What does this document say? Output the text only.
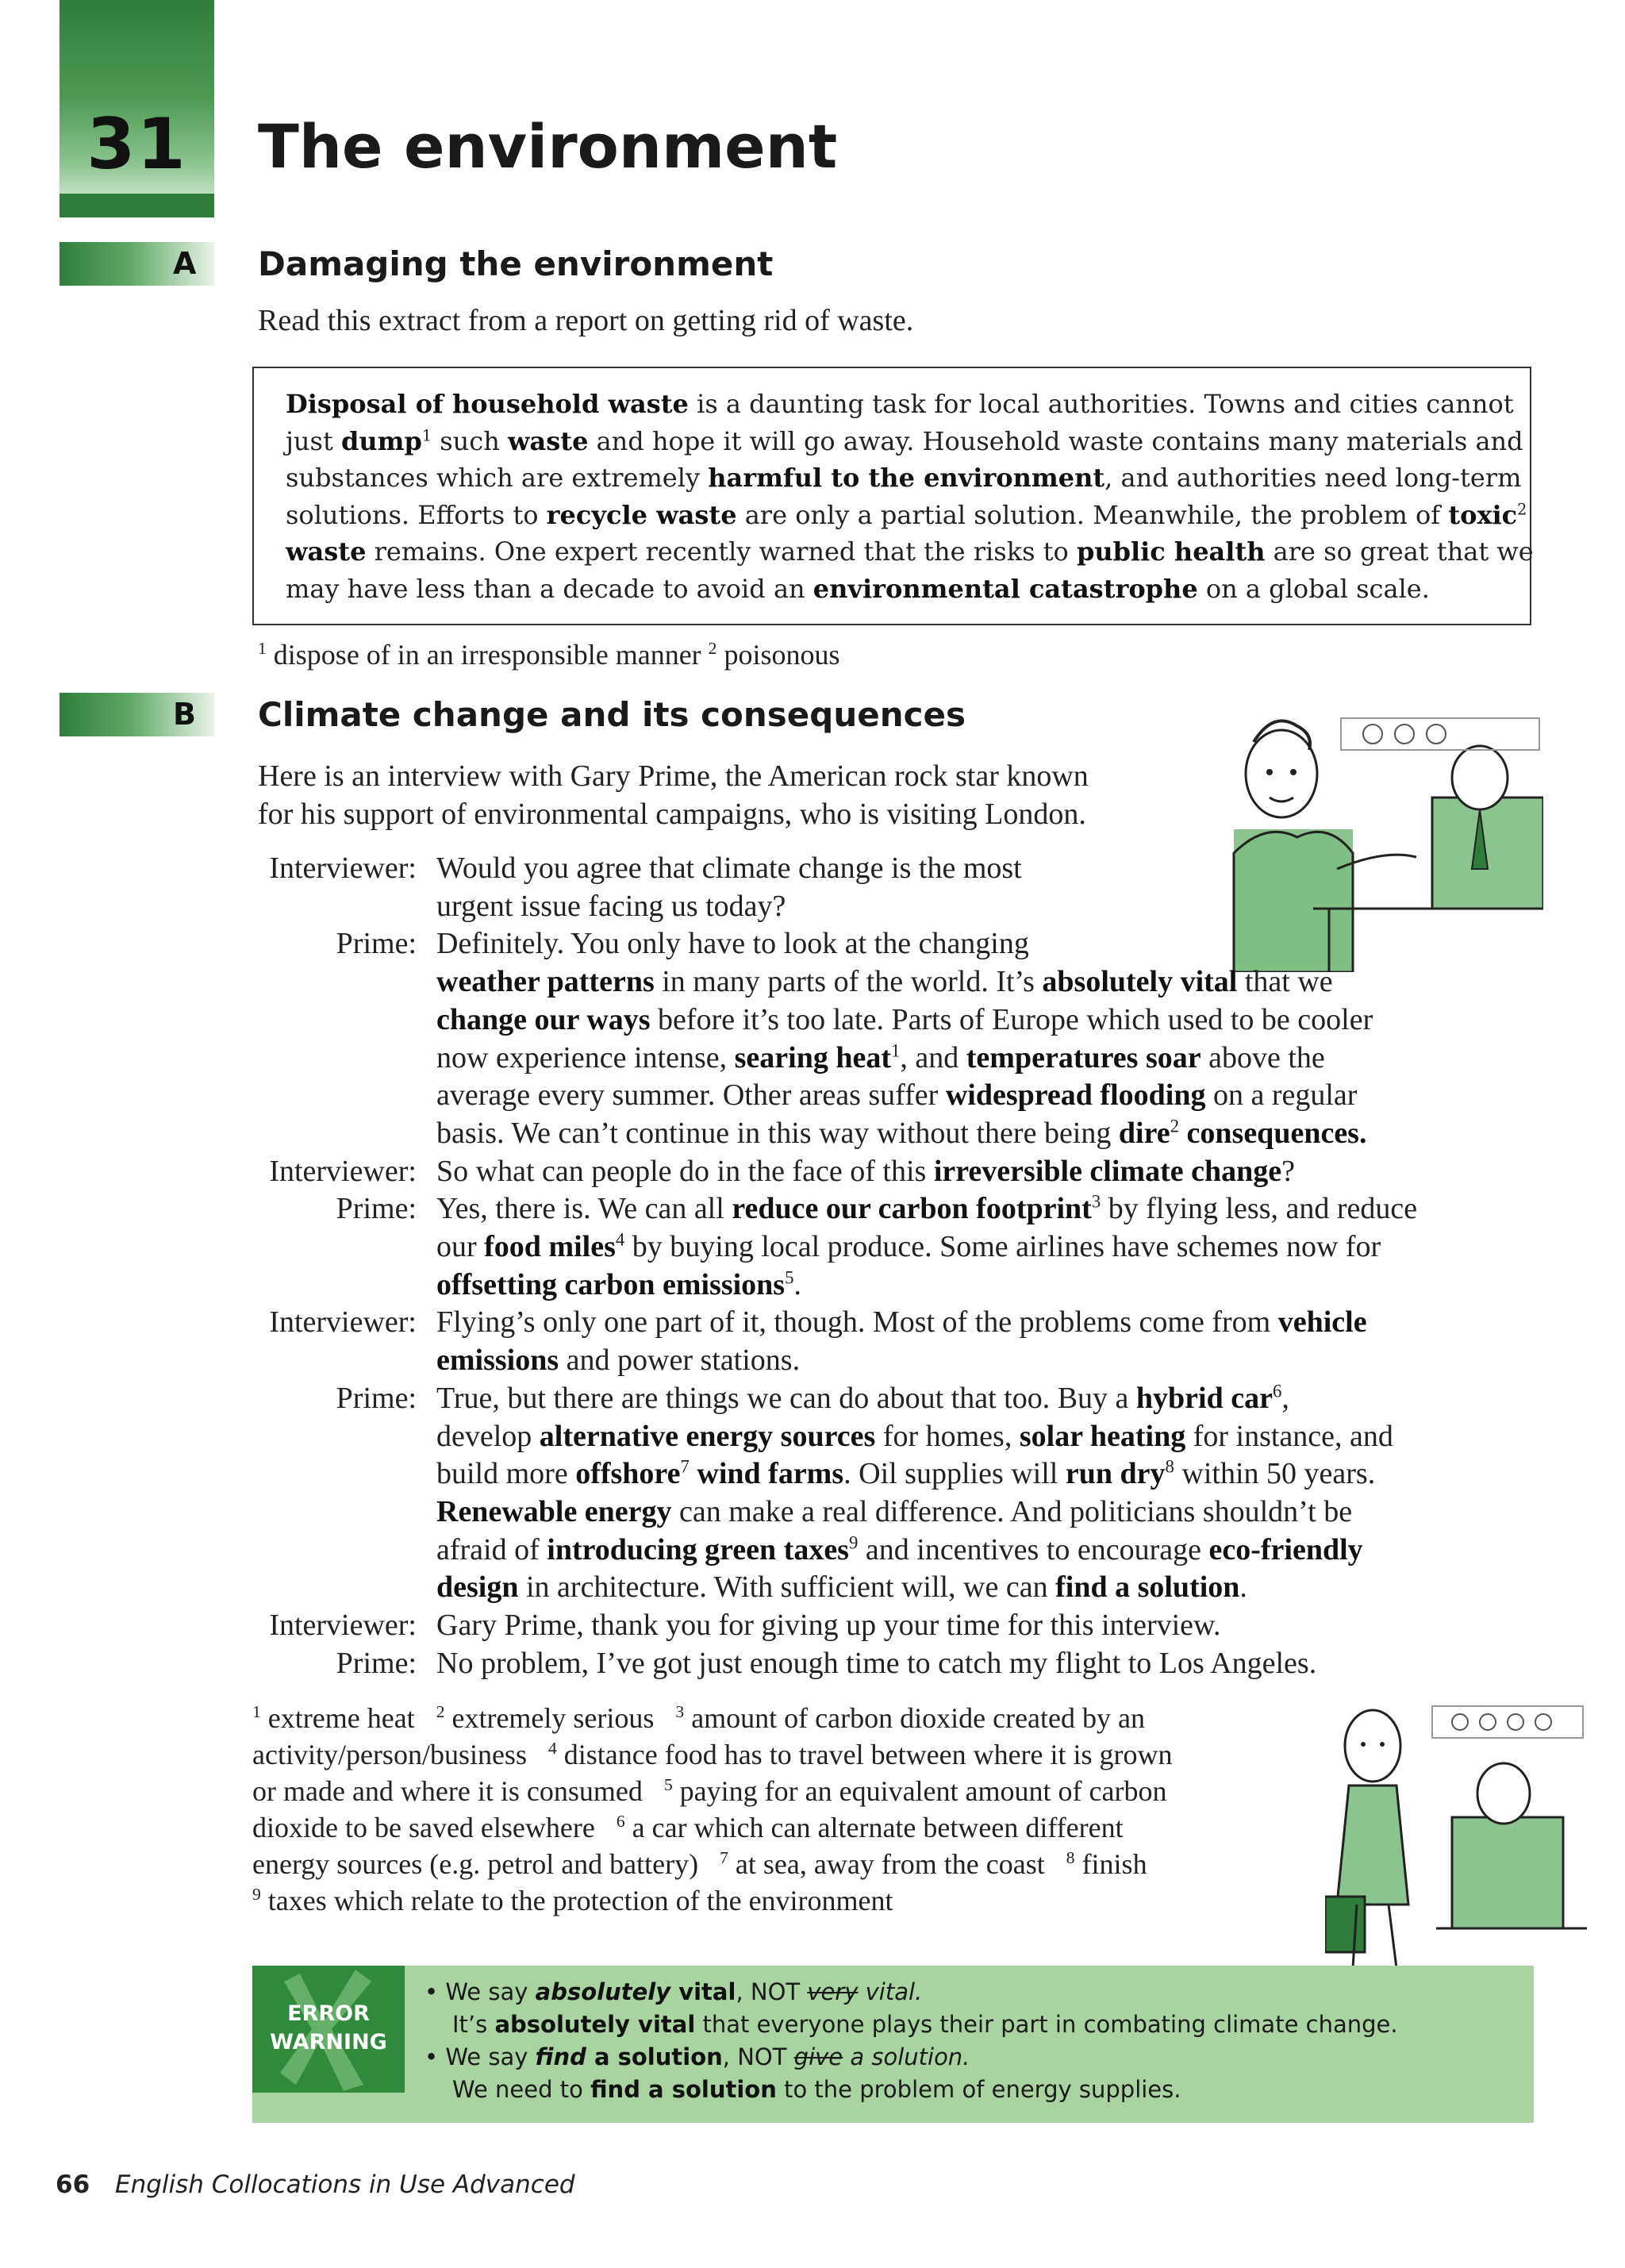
31	The environment
A Damaging the environment
Read this extract from a report on getting rid of waste.
Disposal of household waste is a daunting task for local authorities. Towns and cities cannot
just dump$^1$ such waste and hope it will go away. Household waste contains many materials and
substances which are extremely harmful to the environment, and authorities need long-term
solutions. Efforts to recycle waste are only a partial solution. Meanwhile, the problem of toxic$^2$
waste remains. One expert recently warned that the risks to public health are so great that we
may have less than a decade to avoid an environmental catastrophe on a global scale.
$^1$ dispose of in an irresponsible manner $^2$ poisonous
B Climate change and its consequences
Here is an interview with Gary Prime, the American rock star known
for his support of environmental campaigns, who is visiting London.
Interviewer: Would you agree that climate change is the most
urgent issue facing us today?
Prime: Definitely. You only have to look at the changing
weather patterns in many parts of the world. It’s absolutely vital that we
change our ways before it’s too late. Parts of Europe which used to be cooler
now experience intense, searing heat$^1$, and temperatures soar above the
average every summer. Other areas suffer widespread flooding on a regular
basis. We can’t continue in this way without there being dire$^2$ consequences.
Interviewer: So what can people do in the face of this irreversible climate change?
Prime: Yes, there is. We can all reduce our carbon footprint$^3$ by flying less, and reduce
our food miles$^4$ by buying local produce. Some airlines have schemes now for
offsetting carbon emissions$^5$.
Interviewer: Flying’s only one part of it, though. Most of the problems come from vehicle
emissions and power stations.
Prime: True, but there are things we can do about that too. Buy a hybrid car$^6$,
develop alternative energy sources for homes, solar heating for instance, and
build more offshore$^7$ wind farms. Oil supplies will run dry$^8$ within 50 years.
Renewable energy can make a real difference. And politicians shouldn’t be
afraid of introducing green taxes$^9$ and incentives to encourage eco-friendly
design in architecture. With sufficient will, we can find a solution.
Interviewer: Gary Prime, thank you for giving up your time for this interview.
Prime: No problem, I’ve got just enough time to catch my flight to Los Angeles.
$^1$ extreme heat   $^2$ extremely serious   $^3$ amount of carbon dioxide created by an
activity/person/business   $^4$ distance food has to travel between where it is grown
or made and where it is consumed   $^5$ paying for an equivalent amount of carbon
dioxide to be saved elsewhere   $^6$ a car which can alternate between different
energy sources (e.g. petrol and battery)   $^7$ at sea, away from the coast   $^8$ finish
$^9$ taxes which relate to the protection of the environment
ERROR
WARNING
• We say absolutely vital, NOT very vital.
It’s absolutely vital that everyone plays their part in combating climate change.
• We say find a solution, NOT give a solution.
We need to find a solution to the problem of energy supplies.
66 English Collocations in Use Advanced
